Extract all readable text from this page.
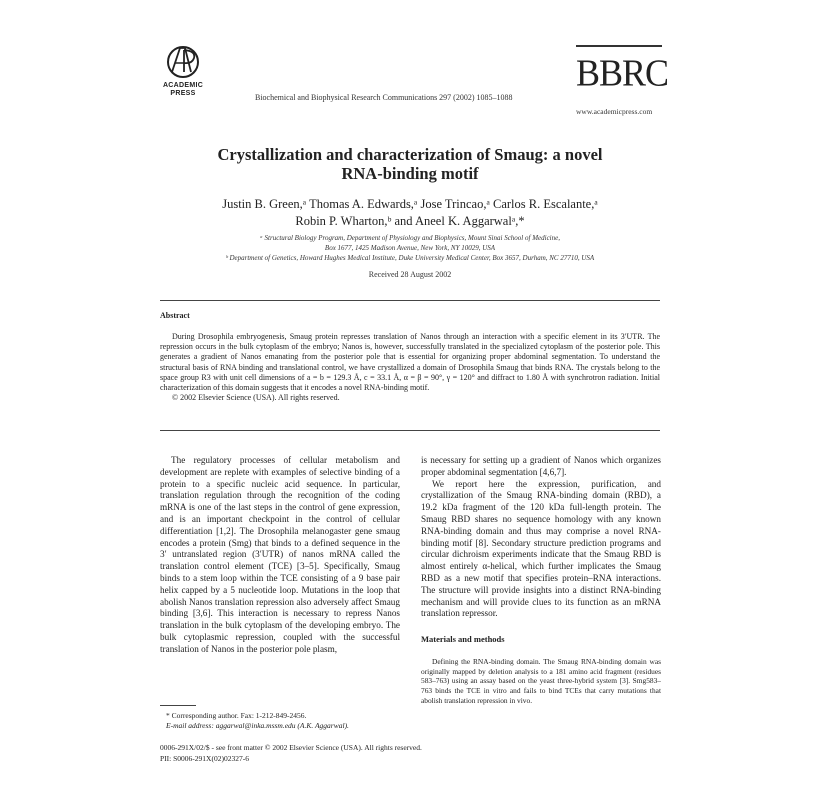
ACADEMIC
PRESS	Biochemical and Biophysical Research Communications 297 (2002) 1085–1088
BBRC
www.academicpress.com
Crystallization and characterization of Smaug: a novel
RNA-binding motif
Justin B. Green,ᵃ Thomas A. Edwards,ᵃ Jose Trincao,ᵃ Carlos R. Escalante,ᵃ
Robin P. Wharton,ᵇ and Aneel K. Aggarwalᵃ,*
ᵃ Structural Biology Program, Department of Physiology and Biophysics, Mount Sinai School of Medicine,
Box 1677, 1425 Madison Avenue, New York, NY 10029, USA
ᵇ Department of Genetics, Howard Hughes Medical Institute, Duke University Medical Center, Box 3657, Durham, NC 27710, USA
Received 28 August 2002
Abstract

During Drosophila embryogenesis, Smaug protein represses translation of Nanos through an interaction with a specific element in its 3′UTR. The repression occurs in the bulk cytoplasm of the embryo; Nanos is, however, successfully translated in the specialized cytoplasm of the posterior pole. This generates a gradient of Nanos emanating from the posterior pole that is essential for organizing proper abdominal segmentation. To understand the structural basis of RNA binding and translational control, we have crystallized a domain of Drosophila Smaug that binds RNA. The crystals belong to the space group R3 with unit cell dimensions of a = b = 129.3 Å, c = 33.1 Å, α = β = 90°, γ = 120° and diffract to 1.80 Å with synchrotron radiation. Initial characterization of this domain suggests that it encodes a novel RNA-binding motif.

© 2002 Elsevier Science (USA). All rights reserved.

The regulatory processes of cellular metabolism and development are replete with examples of selective binding of a protein to a specific nucleic acid sequence. In particular, translation regulation through the recognition of the coding mRNA is one of the last steps in the control of gene expression, and is an important checkpoint in the control of cellular differentiation [1,2]. The Drosophila melanogaster gene smaug encodes a protein (Smg) that binds to a defined sequence in the 3′ untranslated region (3′UTR) of nanos mRNA called the translation control element (TCE) [3–5]. Specifically, Smaug binds to a stem loop within the TCE consisting of a 9 base pair helix capped by a 5 nucleotide loop. Mutations in the loop that abolish Nanos translation repression also adversely affect Smaug binding [3,6]. This interaction is necessary to repress Nanos translation in the bulk cytoplasm of the developing embryo. The bulk cytoplasmic repression, coupled with the successful translation of Nanos in the posterior pole plasm,

is necessary for setting up a gradient of Nanos which organizes proper abdominal segmentation [4,6,7].

We report here the expression, purification, and crystallization of the Smaug RNA-binding domain (RBD), a 19.2 kDa fragment of the 120 kDa full-length protein. The Smaug RBD shares no sequence homology with any known RNA-binding domain and thus may comprise a novel RNA-binding motif [8]. Secondary structure prediction programs and circular dichroism experiments indicate that the Smaug RBD is almost entirely α-helical, which further implicates the Smaug RBD as a new motif that specifies protein–RNA interactions. The structure will provide insights into a distinct RNA-binding mechanism and will provide clues to its function as an mRNA translation repressor.

Materials and methods

Defining the RNA-binding domain. The Smaug RNA-binding domain was originally mapped by deletion analysis to a 181 amino acid fragment (residues 583–763) using an assay based on the yeast three-hybrid system [3]. Smg583–763 binds the TCE in vitro and fails to bind TCEs that carry mutations that abolish translation repression in vivo.

* Corresponding author. Fax: 1-212-849-2456.
E-mail address: aggarwal@inka.mssm.edu (A.K. Aggarwal).
0006-291X/02/$ - see front matter © 2002 Elsevier Science (USA). All rights reserved.
PII: S0006-291X(02)02327-6
